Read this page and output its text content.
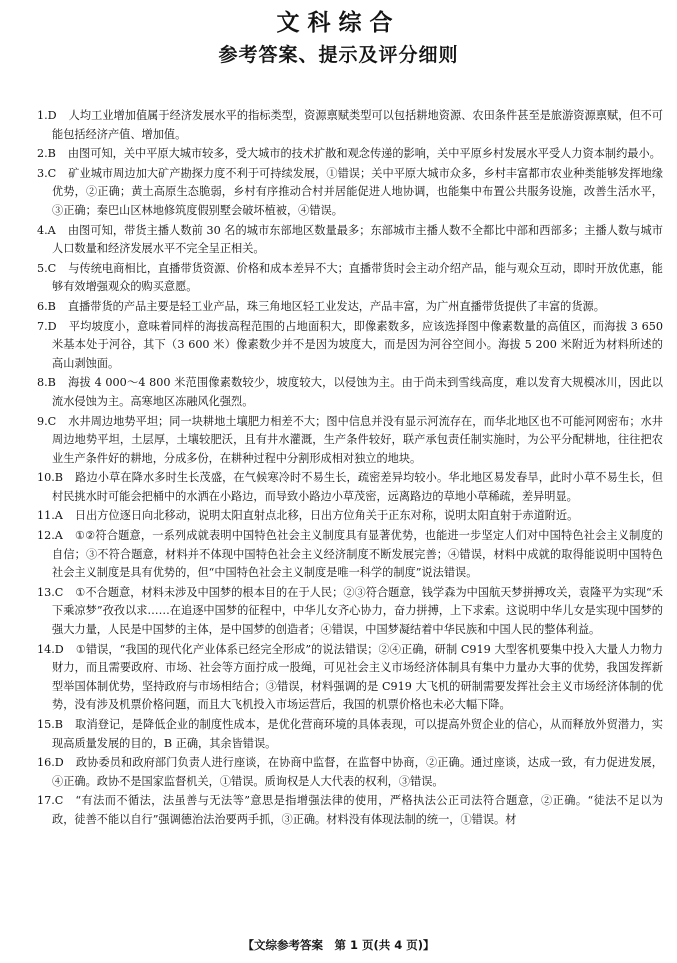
文科综合
参考答案、提示及评分细则
1.D 人均工业增加值属于经济发展水平的指标类型，资源禀赋类型可以包括耕地资源、农田条件甚至是旅游资源禀赋，但不可能包括经济产值、增加值。
2.B 由图可知，关中平原大城市较多，受大城市的技术扩散和观念传递的影响，关中平原乡村发展水平受人力资本制约最小。
3.C 矿业城市周边加大矿产勘探力度不利于可持续发展，①错误；关中平原大城市众多，乡村丰富都市农业种类能够发挥地缘优势，②正确；黄土高原生态脆弱，乡村有序推动合村并居能促进人地协调，也能集中布置公共服务设施，改善生活水平，③正确；秦巴山区林地修筑度假别墅会破坏植被，④错误。
4.A 由图可知，带货主播人数前 30 名的城市东部地区数量最多；东部城市主播人数不全都比中部和西部多；主播人数与城市人口数量和经济发展水平不完全呈正相关。
5.C 与传统电商相比，直播带货资源、价格和成本差异不大；直播带货时会主动介绍产品，能与观众互动，即时开放优惠，能够有效增强观众的购买意愿。
6.B 直播带货的产品主要是轻工业产品，珠三角地区轻工业发达，产品丰富，为广州直播带货提供了丰富的货源。
7.D 平均坡度小，意味着同样的海拔高程范围的占地面积大，即像素数多，应该选择图中像素数量的高值区，而海拔 3 650 米基本处于河谷，其下（3 600 米）像素数少并不是因为坡度大，而是因为河谷空间小。海拔 5 200 米附近为材料所述的高山剥蚀面。
8.B 海拔 4 000～4 800 米范围像素数较少，坡度较大，以侵蚀为主。由于尚未到雪线高度，难以发育大规模冰川，因此以流水侵蚀为主。高寒地区冻融风化强烈。
9.C 水井周边地势平坦；同一块耕地土壤肥力相差不大；图中信息并没有显示河流存在，而华北地区也不可能河网密布；水井周边地势平坦，土层厚，土壤较肥沃，且有井水灌溉，生产条件较好，联产承包责任制实施时，为公平分配耕地，往往把农业生产条件好的耕地，分成多份，在耕种过程中分割形成相对独立的地块。
10.B 路边小草在降水多时生长茂盛，在气候寒冷时不易生长，疏密差异均较小。华北地区易发春旱，此时小草不易生长，但村民挑水时可能会把桶中的水洒在小路边，而导致小路边小草茂密，远离路边的草地小草稀疏，差异明显。
11.A 日出方位逐日向北移动，说明太阳直射点北移，日出方位角关于正东对称，说明太阳直射于赤道附近。
12.A ①②符合题意，一系列成就表明中国特色社会主义制度具有显著优势，也能进一步坚定人们对中国特色社会主义制度的自信；③不符合题意，材料并不体现中国特色社会主义经济制度不断发展完善；④错误，材料中成就的取得能说明中国特色社会主义制度是具有优势的，但“中国特色社会主义制度是唯一科学的制度”说法错误。
13.C ①不合题意，材料未涉及中国梦的根本目的在于人民；②③符合题意，钱学森为中国航天梦拼搏攻关，袁隆平为实现“禾下乘凉梦”孜孜以求……在追逐中国梦的征程中，中华儿女齐心协力，奋力拼搏，上下求索。这说明中华儿女是实现中国梦的强大力量，人民是中国梦的主体，是中国梦的创造者；④错误，中国梦凝结着中华民族和中国人民的整体利益。
14.D ①错误，“我国的现代化产业体系已经完全形成”的说法错误；②④正确，研制 C919 大型客机要集中投入大量人力物力财力，而且需要政府、市场、社会等方面拧成一股绳，可见社会主义市场经济体制具有集中力量办大事的优势，我国发挥新型举国体制优势，坚持政府与市场相结合；③错误，材料强调的是 C919 大飞机的研制需要发挥社会主义市场经济体制的优势，没有涉及机票价格问题，而且大飞机投入市场运营后，我国的机票价格也未必大幅下降。
15.B 取消登记，是降低企业的制度性成本，是优化营商环境的具体表现，可以提高外贸企业的信心，从而释放外贸潜力，实现高质量发展的目的，B 正确，其余皆错误。
16.D 政协委员和政府部门负责人进行座谈，在协商中监督，在监督中协商，②正确。通过座谈，达成一致，有力促进发展，④正确。政协不是国家监督机关，①错误。质询权是人大代表的权利，③错误。
17.C “有法而不循法，法虽善与无法等”意思是指增强法律的使用，严格执法公正司法符合题意，②正确。“徒法不足以为政，徒善不能以自行”强调德治法治要两手抓，③正确。材料没有体现法制的统一，①错误。材
【文综参考答案　第 1 页(共 4 页)】
